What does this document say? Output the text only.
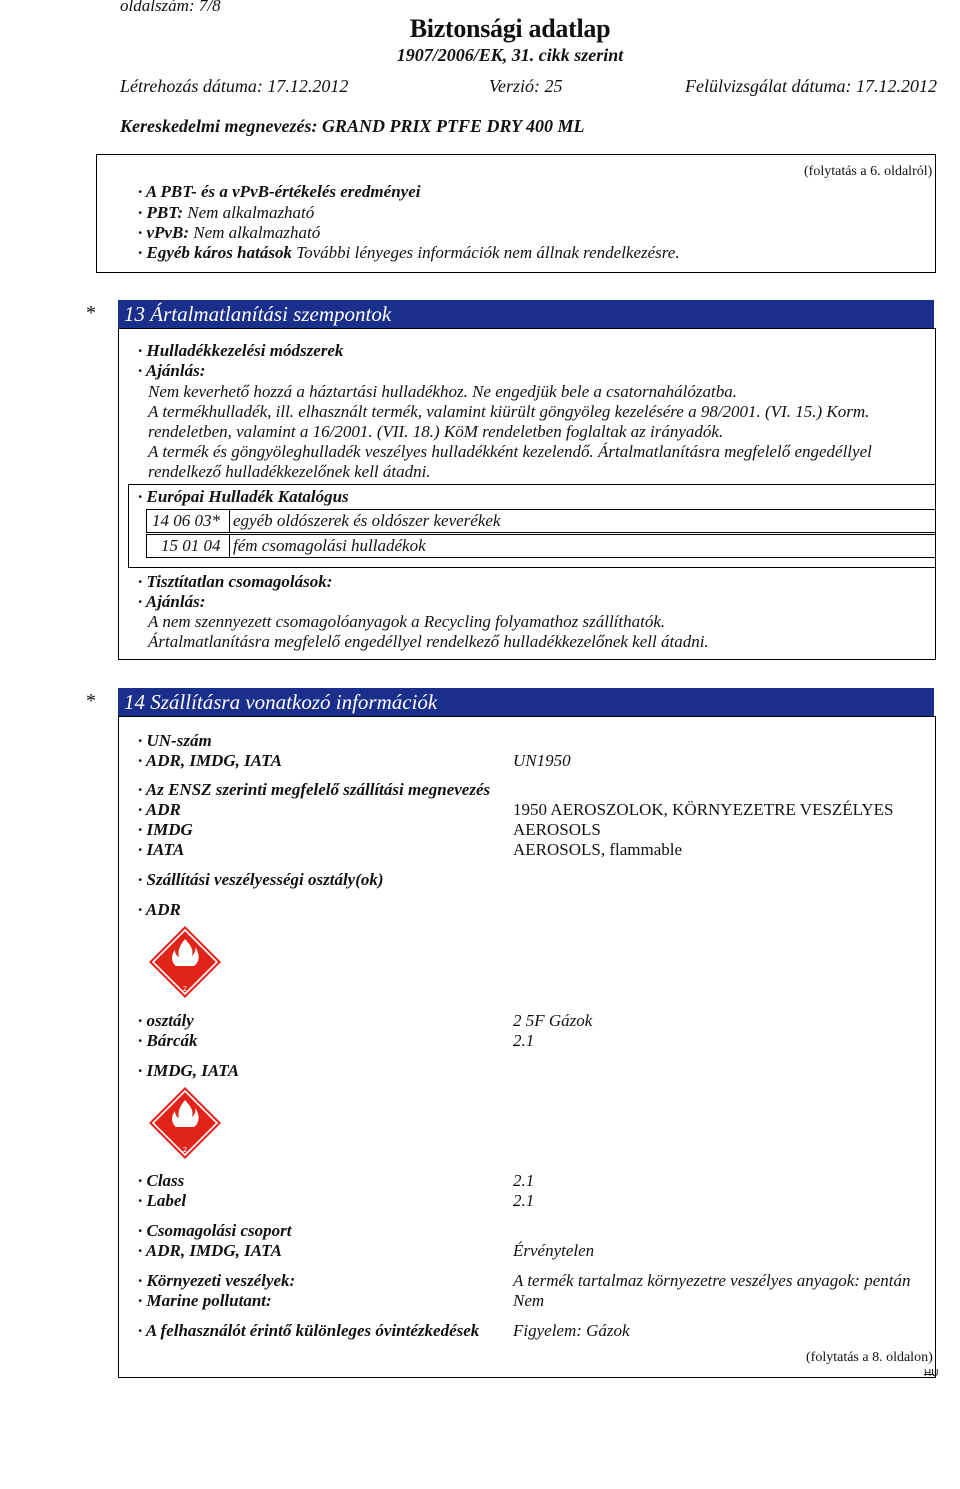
oldalszám: 7/8
Biztonsági adatlap
1907/2006/EK, 31. cikk szerint
Létrehozás dátuma: 17.12.2012	Verzió: 25	Felülvizsgálat dátuma: 17.12.2012
Kereskedelmi megnevezés: GRAND PRIX PTFE DRY 400 ML
(folytatás a 6. oldalról)
· A PBT- és a vPvB-értékelés eredményei
· PBT: Nem alkalmazható
· vPvB: Nem alkalmazható
· Egyéb káros hatások További lényeges információk nem állnak rendelkezésre.
* 13 Ártalmatlanítási szempontok
· Hulladékkezelési módszerek
· Ajánlás:
Nem keverhető hozzá a háztartási hulladékhoz. Ne engedjük bele a csatornahálózatba.
A termékhulladék, ill. elhasznált termék, valamint kiürült göngyöleg kezelésére a 98/2001. (VI. 15.) Korm.
rendeletben, valamint a 16/2001. (VII. 18.) KöM rendeletben foglaltak az irányadók.
A termék és göngyöleghulladék veszélyes hulladékként kezelendő. Ártalmatlanításra megfelelő engedéllyel
rendelkező hulladékkezelőnek kell átadni.
· Európai Hulladék Katalógus
14 06 03* egyéb oldószerek és oldószer keverékek
15 01 04 fém csomagolási hulladékok
· Tisztítatlan csomagolások:
· Ajánlás:
A nem szennyezett csomagolóanyagok a Recycling folyamathoz szállíthatók.
Ártalmatlanításra megfelelő engedéllyel rendelkező hulladékkezelőnek kell átadni.
* 14 Szállításra vonatkozó információk
· UN-szám
· ADR, IMDG, IATA	UN1950
· Az ENSZ szerinti megfelelő szállítási megnevezés
· ADR	1950 AEROSZOLOK, KÖRNYEZETRE VESZÉLYES
· IMDG	AEROSOLS
· IATA	AEROSOLS, flammable
· Szállítási veszélyességi osztály(ok)
· ADR
2
· osztály	2 5F Gázok
· Bárcák	2.1
· IMDG, IATA
2
· Class	2.1
· Label	2.1
· Csomagolási csoport
· ADR, IMDG, IATA	Érvénytelen
· Környezeti veszélyek:	A termék tartalmaz környezetre veszélyes anyagok: pentán
· Marine pollutant:	Nem
· A felhasználót érintő különleges óvintézkedések Figyelem: Gázok
(folytatás a 8. oldalon)
HU
